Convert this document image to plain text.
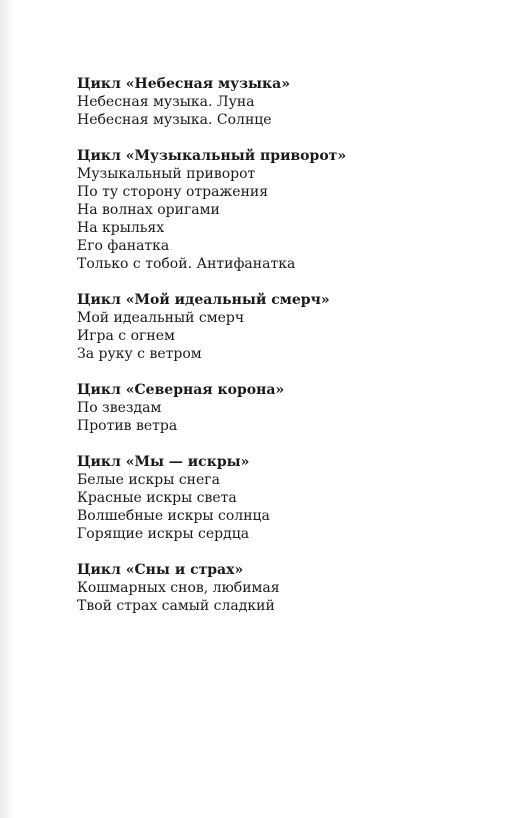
Цикл «Небесная музыка»
Небесная музыка. Луна
Небесная музыка. Солнце
Цикл «Музыкальный приворот»
Музыкальный приворот
По ту сторону отражения
На волнах оригами
На крыльях
Его фанатка
Только с тобой. Антифанатка
Цикл «Мой идеальный смерч»
Мой идеальный смерч
Игра с огнем
За руку с ветром
Цикл «Северная корона»
По звездам
Против ветра
Цикл «Мы — искры»
Белые искры снега
Красные искры света
Волшебные искры солнца
Горящие искры сердца
Цикл «Сны и страх»
Кошмарных снов, любимая
Твой страх самый сладкий
